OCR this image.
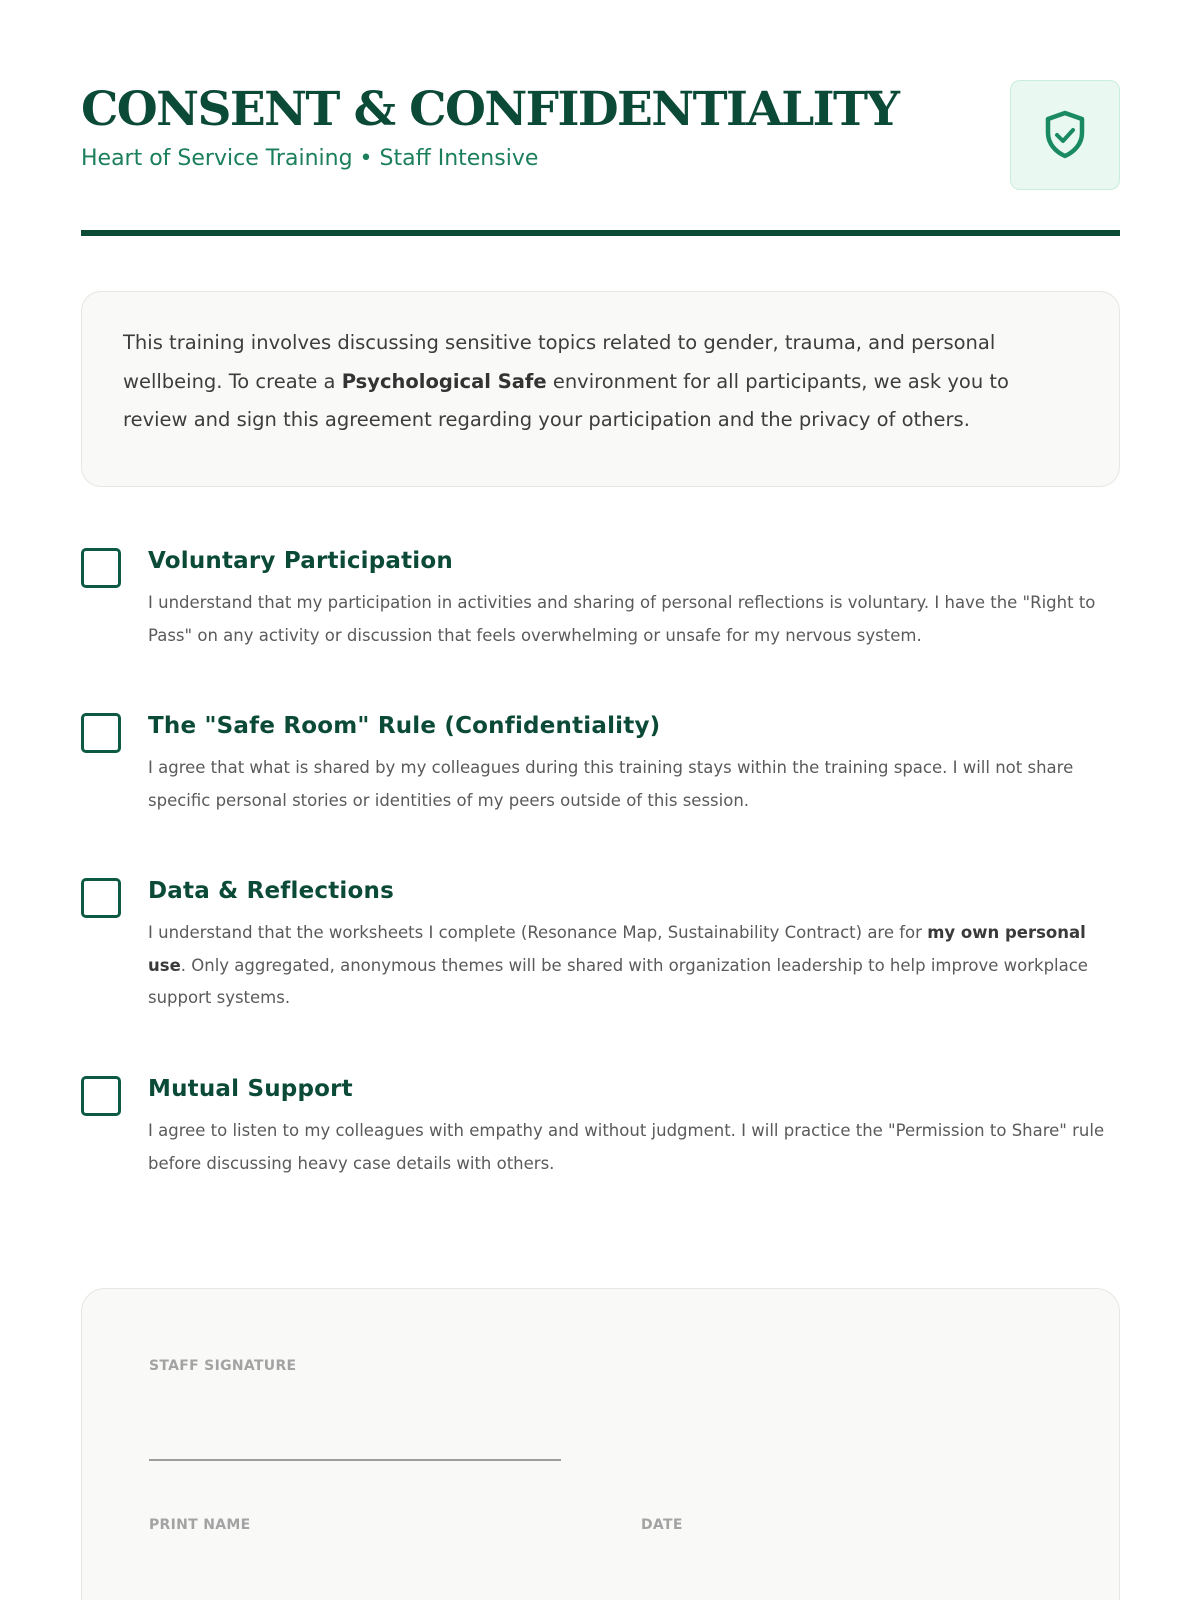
CONSENT & CONFIDENTIALITY
Heart of Service Training • Staff Intensive
This training involves discussing sensitive topics related to gender, trauma, and personal wellbeing. To create a Psychological Safe environment for all participants, we ask you to review and sign this agreement regarding your participation and the privacy of others.
Voluntary Participation
I understand that my participation in activities and sharing of personal reflections is voluntary. I have the "Right to Pass" on any activity or discussion that feels overwhelming or unsafe for my nervous system.
The "Safe Room" Rule (Confidentiality)
I agree that what is shared by my colleagues during this training stays within the training space. I will not share specific personal stories or identities of my peers outside of this session.
Data & Reflections
I understand that the worksheets I complete (Resonance Map, Sustainability Contract) are for my own personal use. Only aggregated, anonymous themes will be shared with organization leadership to help improve workplace support systems.
Mutual Support
I agree to listen to my colleagues with empathy and without judgment. I will practice the "Permission to Share" rule before discussing heavy case details with others.
STAFF SIGNATURE
PRINT NAME	DATE
